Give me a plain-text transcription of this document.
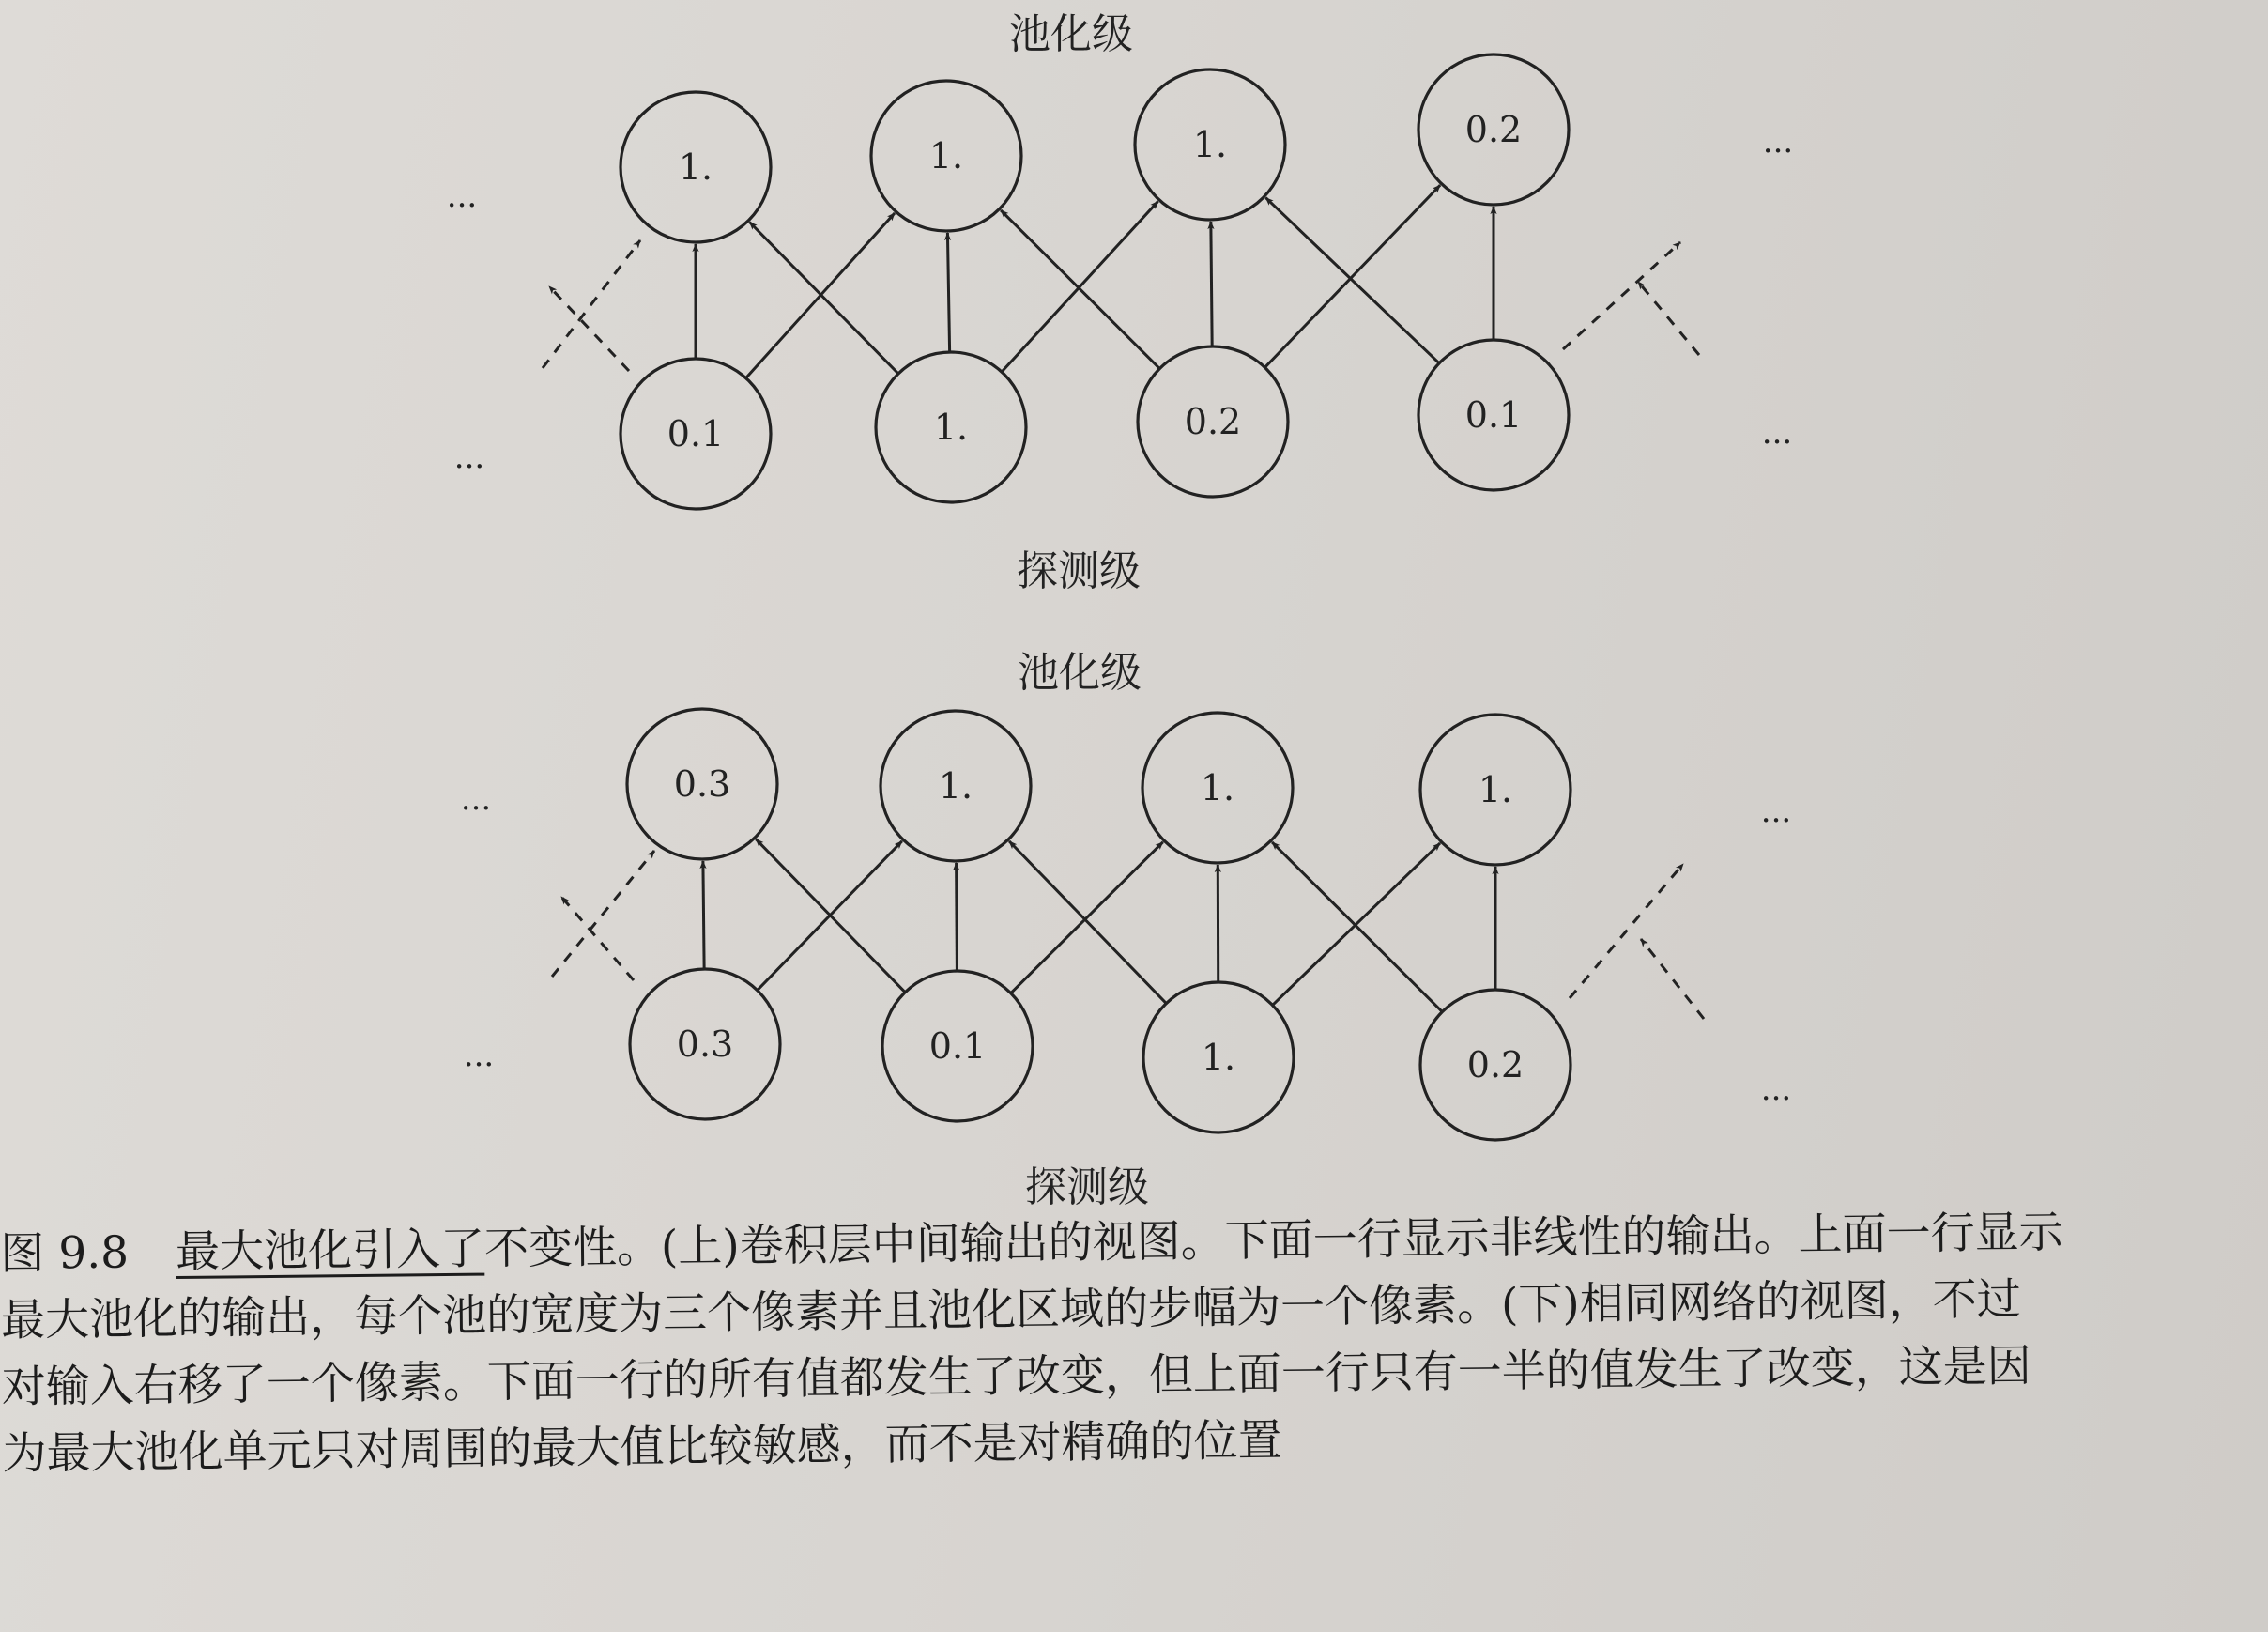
池化级
探测级
...
...
...
...
1.	1.	1.	0.2
0.1	1.	0.2	0.1
池化级
探测级
...	...
...
...
0.3	1.	1.	1.
0.3	0.1	1.	0.2
图 9.8 最大池化引入了不变性。(上)卷积层中间输出的视图。下面一行显示非线性的输出。上面一行显示
最大池化的输出，每个池的宽度为三个像素并且池化区域的步幅为一个像素。(下)相同网络的视图，不过
对输入右移了一个像素。下面一行的所有值都发生了改变，但上面一行只有一半的值发生了改变，这是因
为最大池化单元只对周围的最大值比较敏感，而不是对精确的位置
